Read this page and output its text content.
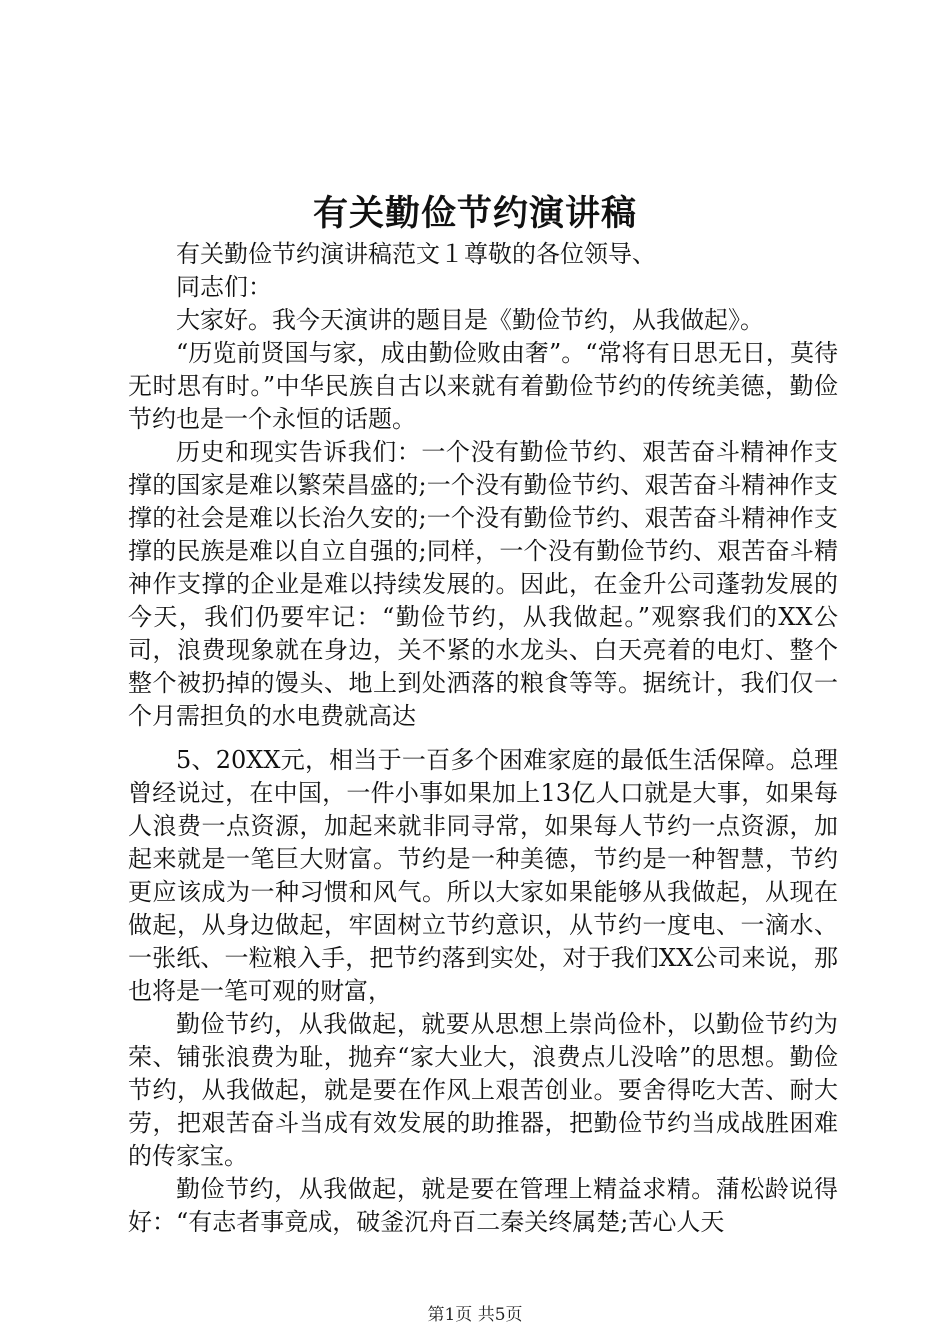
有关勤俭节约演讲稿

有关勤俭节约演讲稿范文１尊敬的各位领导、

同志们：

大家好。我今天演讲的题目是《勤俭节约，从我做起》。

“历览前贤国与家，成由勤俭败由奢”。“常将有日思无日，莫待无时思有时。”中华民族自古以来就有着勤俭节约的传统美德，勤俭节约也是一个永恒的话题。

历史和现实告诉我们：一个没有勤俭节约、艰苦奋斗精神作支撑的国家是难以繁荣昌盛的;一个没有勤俭节约、艰苦奋斗精神作支撑的社会是难以长治久安的;一个没有勤俭节约、艰苦奋斗精神作支撑的民族是难以自立自强的;同样，一个没有勤俭节约、艰苦奋斗精神作支撑的企业是难以持续发展的。因此，在金升公司蓬勃发展的今天，我们仍要牢记：“勤俭节约，从我做起。”观察我们的XX公司，浪费现象就在身边，关不紧的水龙头、白天亮着的电灯、整个整个被扔掉的馒头、地上到处洒落的粮食等等。据统计，我们仅一个月需担负的水电费就高达

5、20XX元，相当于一百多个困难家庭的最低生活保障。总理曾经说过，在中国，一件小事如果加上13亿人口就是大事，如果每人浪费一点资源，加起来就非同寻常，如果每人节约一点资源，加起来就是一笔巨大财富。节约是一种美德，节约是一种智慧，节约更应该成为一种习惯和风气。所以大家如果能够从我做起，从现在做起，从身边做起，牢固树立节约意识，从节约一度电、一滴水、一张纸、一粒粮入手，把节约落到实处，对于我们XX公司来说，那也将是一笔可观的财富，

勤俭节约，从我做起，就要从思想上崇尚俭朴，以勤俭节约为荣、铺张浪费为耻，抛弃“家大业大，浪费点儿没啥”的思想。勤俭节约，从我做起，就是要在作风上艰苦创业。要舍得吃大苦、耐大劳，把艰苦奋斗当成有效发展的助推器，把勤俭节约当成战胜困难的传家宝。

勤俭节约，从我做起，就是要在管理上精益求精。蒲松龄说得好：“有志者事竟成，破釜沉舟百二秦关终属楚;苦心人天

第1页 共5页
